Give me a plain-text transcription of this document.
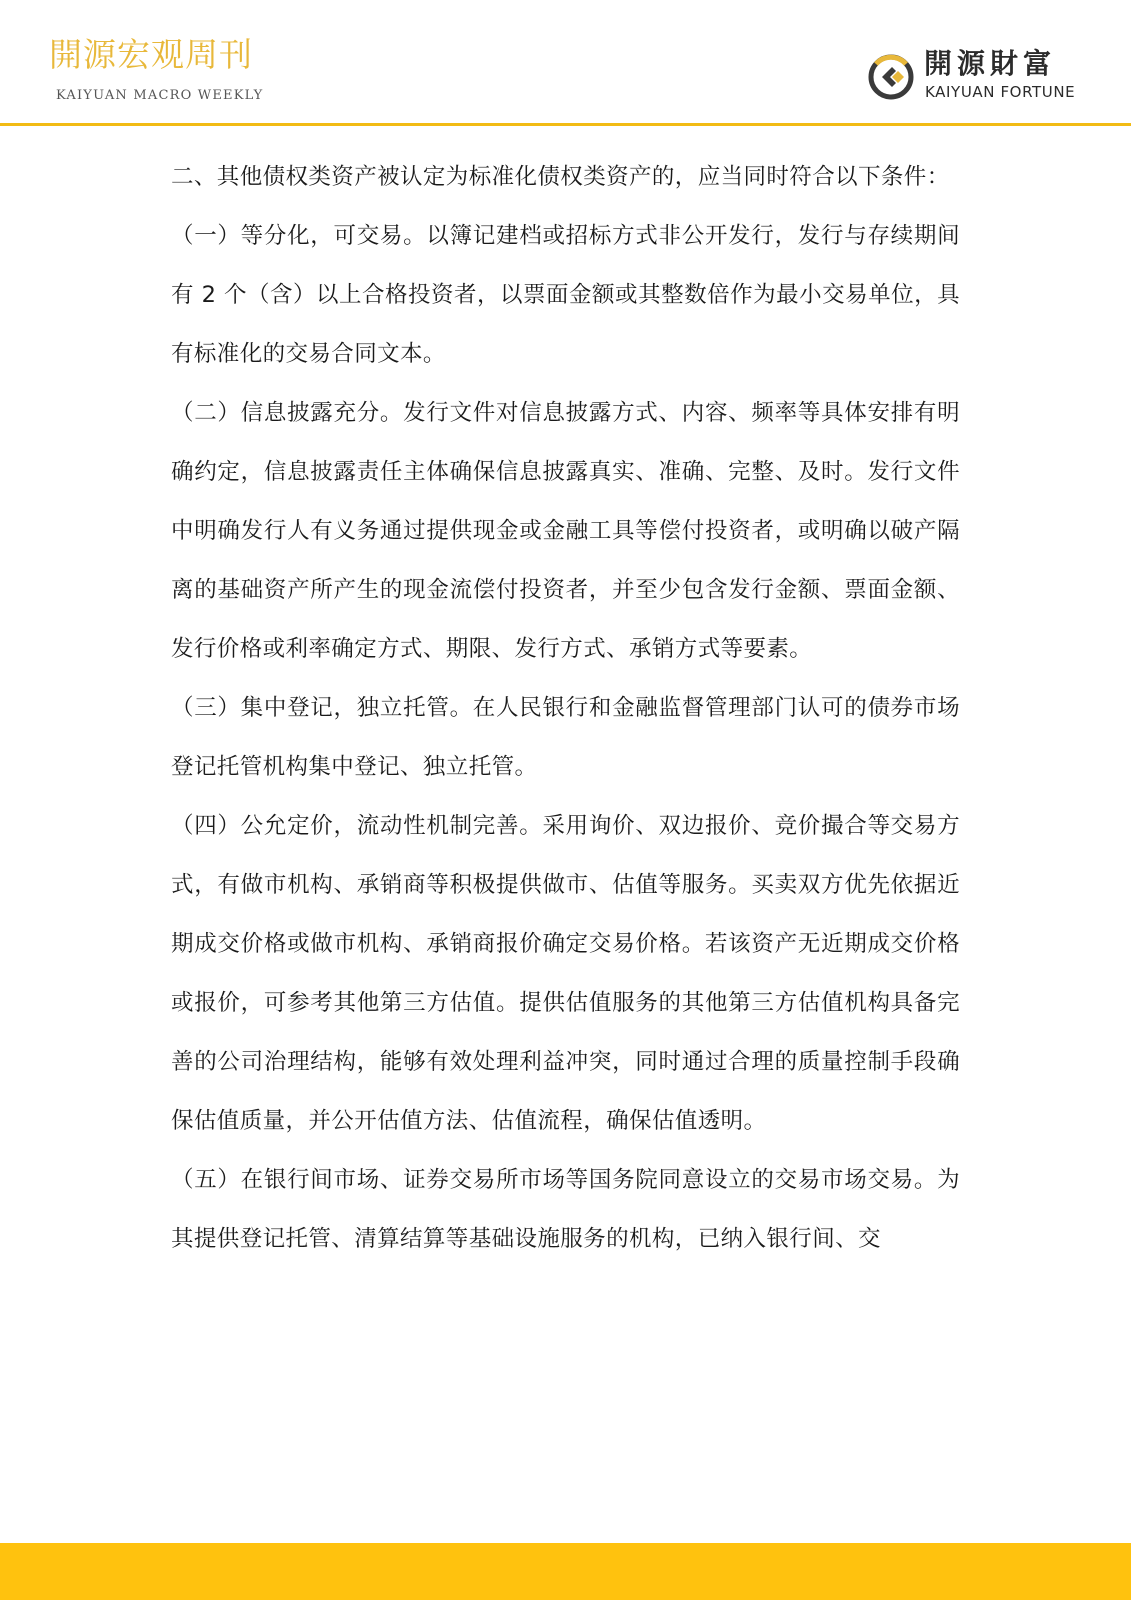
開源宏观周刊
KAIYUAN MACRO WEEKLY
開源財富
KAIYUAN FORTUNE

二、其他债权类资产被认定为标准化债权类资产的，应当同时符合以下条件：

（一）等分化，可交易。以簿记建档或招标方式非公开发行，发行与存续期间有 2 个（含）以上合格投资者，以票面金额或其整数倍作为最小交易单位，具有标准化的交易合同文本。

（二）信息披露充分。发行文件对信息披露方式、内容、频率等具体安排有明确约定，信息披露责任主体确保信息披露真实、准确、完整、及时。发行文件中明确发行人有义务通过提供现金或金融工具等偿付投资者，或明确以破产隔离的基础资产所产生的现金流偿付投资者，并至少包含发行金额、票面金额、发行价格或利率确定方式、期限、发行方式、承销方式等要素。

（三）集中登记，独立托管。在人民银行和金融监督管理部门认可的债券市场登记托管机构集中登记、独立托管。

（四）公允定价，流动性机制完善。采用询价、双边报价、竞价撮合等交易方式，有做市机构、承销商等积极提供做市、估值等服务。买卖双方优先依据近期成交价格或做市机构、承销商报价确定交易价格。若该资产无近期成交价格或报价，可参考其他第三方估值。提供估值服务的其他第三方估值机构具备完善的公司治理结构，能够有效处理利益冲突，同时通过合理的质量控制手段确保估值质量，并公开估值方法、估值流程，确保估值透明。

（五）在银行间市场、证券交易所市场等国务院同意设立的交易市场交易。为其提供登记托管、清算结算等基础设施服务的机构，已纳入银行间、交
